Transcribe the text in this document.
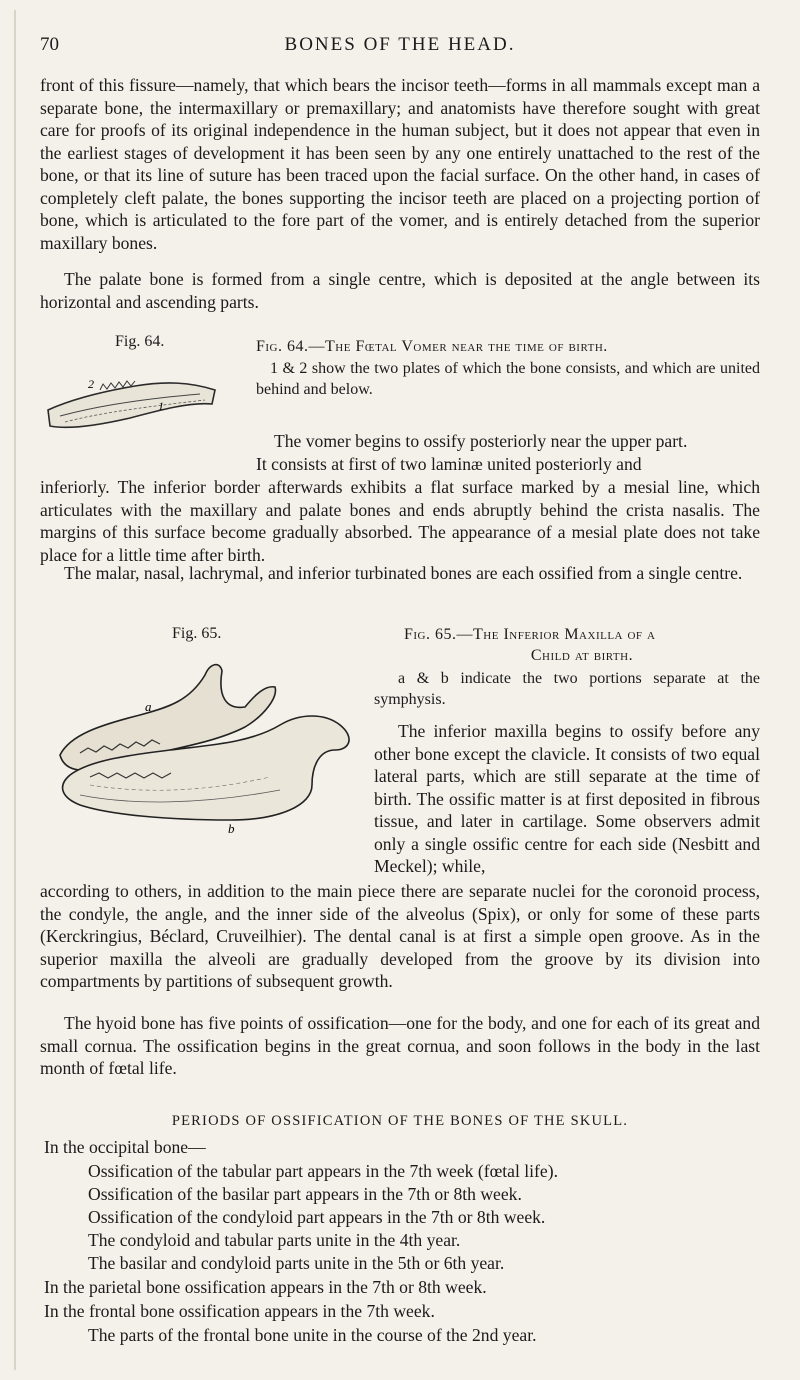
70	BONES OF THE HEAD.

front of this fissure—namely, that which bears the incisor teeth—forms in all mammals except man a separate bone, the intermaxillary or premaxillary; and anatomists have therefore sought with great care for proofs of its original independence in the human subject, but it does not appear that even in the earliest stages of development it has been seen by any one entirely unattached to the rest of the bone, or that its line of suture has been traced upon the facial surface. On the other hand, in cases of completely cleft palate, the bones supporting the incisor teeth are placed on a projecting portion of bone, which is articulated to the fore part of the vomer, and is entirely detached from the superior maxillary bones.

The palate bone is formed from a single centre, which is deposited at the angle between its horizontal and ascending parts.

Fig. 64.
2
1

Fig. 64.—The Fœtal Vomer near the time of birth.

1 & 2 show the two plates of which the bone consists, and which are united behind and below.

The vomer begins to ossify posteriorly near the upper part.

It consists at first of two laminæ united posteriorly and

inferiorly. The inferior border afterwards exhibits a flat surface marked by a mesial line, which articulates with the maxillary and palate bones and ends abruptly behind the crista nasalis. The margins of this surface become gradually absorbed. The appearance of a mesial plate does not take place for a little time after birth.

The malar, nasal, lachrymal, and inferior turbinated bones are each ossified from a single centre.

Fig. 65.
a
b

Fig. 65.—The Inferior Maxilla of a

Child at birth.

a & b indicate the two portions separate at the symphysis.

The inferior maxilla begins to ossify before any other bone except the clavicle. It consists of two equal lateral parts, which are still separate at the time of birth. The ossific matter is at first deposited in fibrous tissue, and later in cartilage. Some observers admit only a single ossific centre for each side (Nesbitt and Meckel); while,

according to others, in addition to the main piece there are separate nuclei for the coronoid process, the condyle, the angle, and the inner side of the alveolus (Spix), or only for some of these parts (Kerckringius, Béclard, Cruveilhier). The dental canal is at first a simple open groove. As in the superior maxilla the alveoli are gradually developed from the groove by its division into compartments by partitions of subsequent growth.

The hyoid bone has five points of ossification—one for the body, and one for each of its great and small cornua. The ossification begins in the great cornua, and soon follows in the body in the last month of fœtal life.

PERIODS OF OSSIFICATION OF THE BONES OF THE SKULL.
In the occipital bone—
Ossification of the tabular part appears in the 7th week (fœtal life).
Ossification of the basilar part appears in the 7th or 8th week.
Ossification of the condyloid part appears in the 7th or 8th week.
The condyloid and tabular parts unite in the 4th year.
The basilar and condyloid parts unite in the 5th or 6th year.
In the parietal bone ossification appears in the 7th or 8th week.
In the frontal bone ossification appears in the 7th week.
The parts of the frontal bone unite in the course of the 2nd year.
